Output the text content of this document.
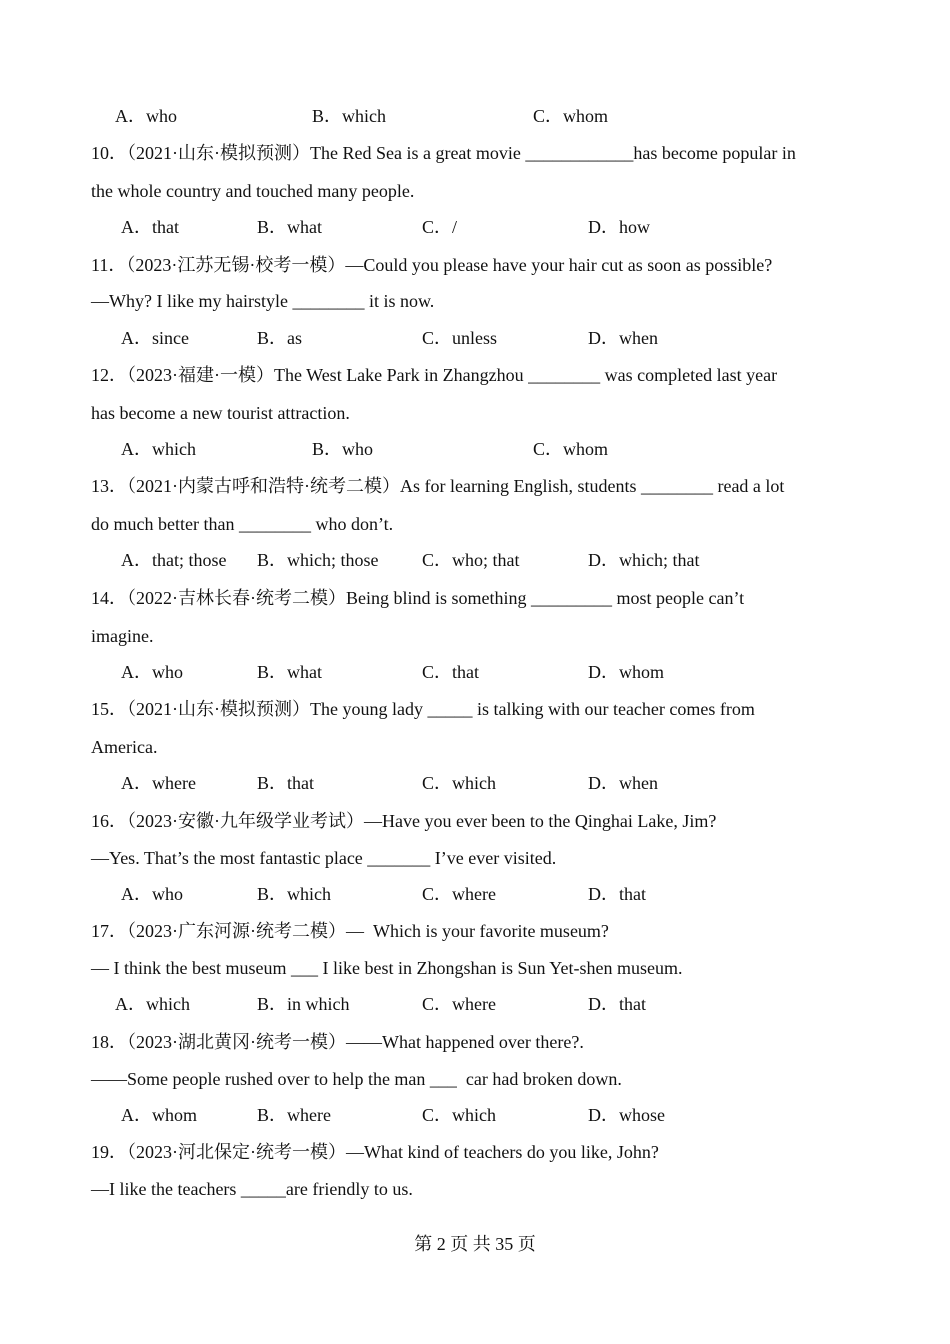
A．who	B．which	C．whom
10．（2021·山东·模拟预测）The Red Sea is a great movie ____________has become popular in
the whole country and touched many people.
A．that	B．what	C．/	D．how
11．（2023·江苏无锡·校考一模）—Could you please have your hair cut as soon as possible?
—Why? I like my hairstyle ________ it is now.
A．since	B．as	C．unless	D．when
12．（2023·福建·一模）The West Lake Park in Zhangzhou ________ was completed last year
has become a new tourist attraction.
A．which	B．who	C．whom
13．（2021·内蒙古呼和浩特·统考二模）As for learning English, students ________ read a lot
do much better than ________ who don’t.
A．that; those B．which; those C．who; that	D．which; that
14．（2022·吉林长春·统考二模）Being blind is something _________ most people can’t
imagine.
A．who	B．what	C．that	D．whom
15．（2021·山东·模拟预测）The young lady _____ is talking with our teacher comes from
America.
A．where	B．that	C．which	D．when
16．（2023·安徽·九年级学业考试）—Have you ever been to the Qinghai Lake, Jim?
—Yes. That’s the most fantastic place _______ I’ve ever visited.
A．who	B．which	C．where	D．that
17．（2023·广东河源·统考二模）—  Which is your favorite museum?
— I think the best museum ___ I like best in Zhongshan is Sun Yet-shen museum.
A．which	B．in which	C．where	D．that
18．（2023·湖北黄冈·统考一模）——What happened over there?.
——Some people rushed over to help the man ___  car had broken down.
A．whom	B．where	C．which	D．whose
19．（2023·河北保定·统考一模）—What kind of teachers do you like, John?
—I like the teachers _____are friendly to us.
第 2 页 共 35 页
